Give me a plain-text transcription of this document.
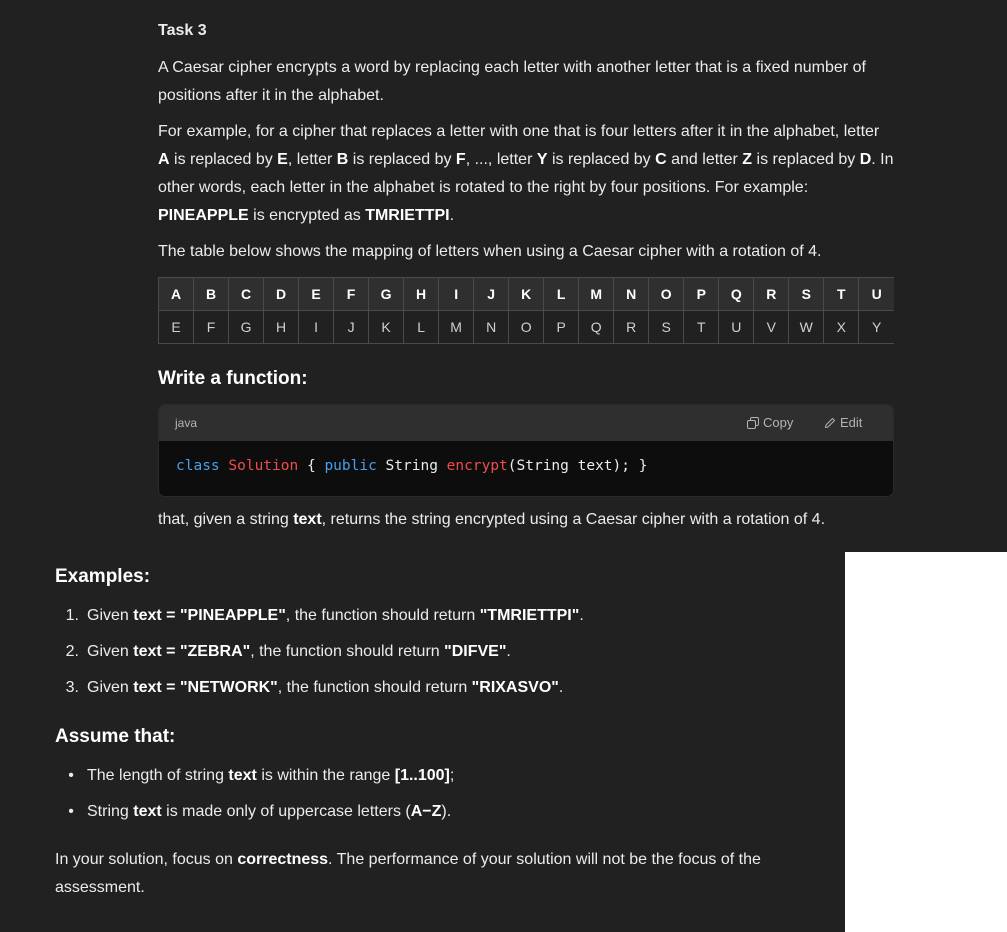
Task 3

A Caesar cipher encrypts a word by replacing each letter with another letter that is a fixed number of positions after it in the alphabet.

For example, for a cipher that replaces a letter with one that is four letters after it in the alphabet, letter A is replaced by E, letter B is replaced by F, ..., letter Y is replaced by C and letter Z is replaced by D. In other words, each letter in the alphabet is rotated to the right by four positions. For example: PINEAPPLE is encrypted as TMRIETTPI.

The table below shows the mapping of letters when using a Caesar cipher with a rotation of 4.

A	B	C	D	E	F	G	H	I	J	K	L	M	N	O	P	Q	R	S	T	U
E	F	G	H	I	J	K	L	M	N	O	P	Q	R	S	T	U	V	W	X	Y
Write a function:
java	Copy	Edit
class Solution { public String encrypt(String text); }

that, given a string text, returns the string encrypted using a Caesar cipher with a rotation of 4.

Examples:
1. Given text = "PINEAPPLE", the function should return "TMRIETTPI".
2. Given text = "ZEBRA", the function should return "DIFVE".
3. Given text = "NETWORK", the function should return "RIXASVO".
Assume that:
• The length of string text is within the range [1..100];
• String text is made only of uppercase letters (A−Z).

In your solution, focus on correctness. The performance of your solution will not be the focus of the assessment.
